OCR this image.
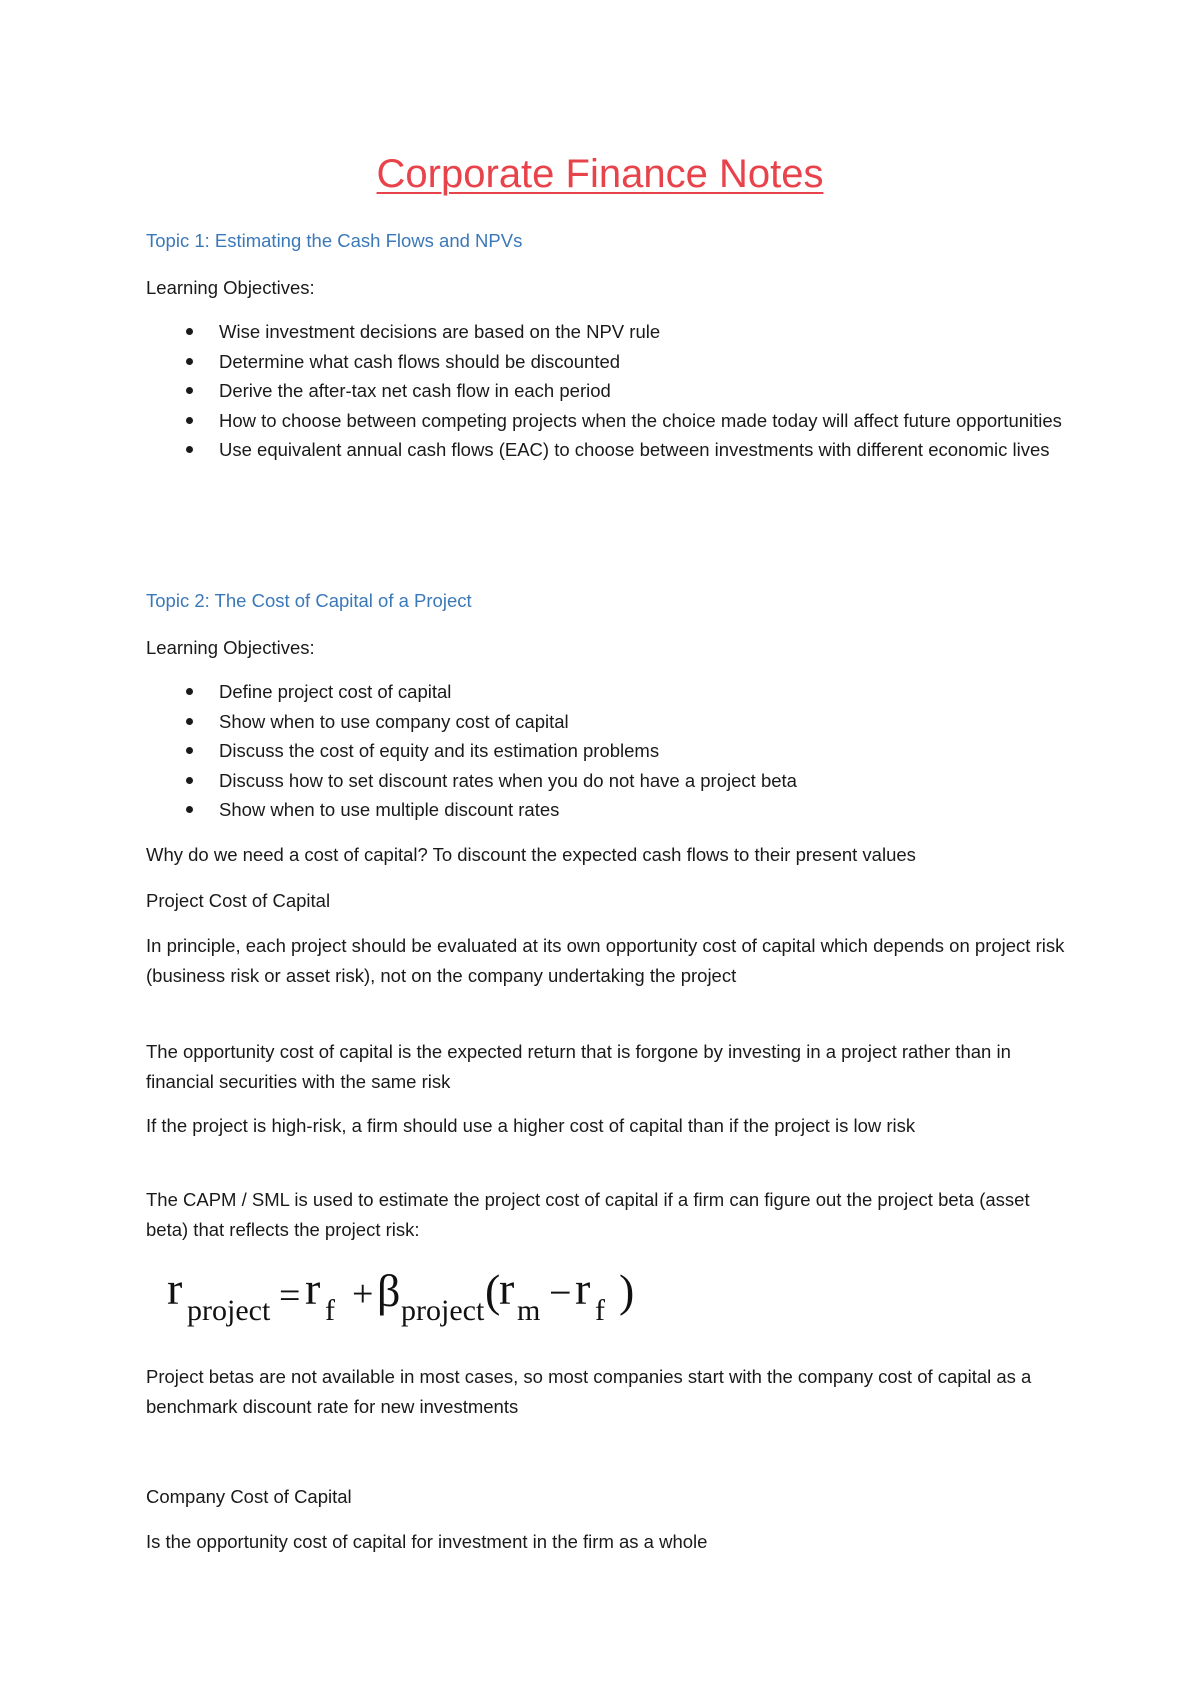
Corporate Finance Notes

Topic 1: Estimating the Cash Flows and NPVs

Learning Objectives:

Wise investment decisions are based on the NPV rule
Determine what cash flows should be discounted
Derive the after-tax net cash flow in each period
How to choose between competing projects when the choice made today will affect future opportunities
Use equivalent annual cash flows (EAC) to choose between investments with different economic lives

Topic 2: The Cost of Capital of a Project

Learning Objectives:

Define project cost of capital
Show when to use company cost of capital
Discuss the cost of equity and its estimation problems
Discuss how to set discount rates when you do not have a project beta
Show when to use multiple discount rates

Why do we need a cost of capital? To discount the expected cash flows to their present values

Project Cost of Capital

In principle, each project should be evaluated at its own opportunity cost of capital which depends on project risk (business risk or asset risk), not on the company undertaking the project

The opportunity cost of capital is the expected return that is forgone by investing in a project rather than in financial securities with the same risk

If the project is high-risk, a firm should use a higher cost of capital than if the project is low risk

The CAPM / SML is used to estimate the project cost of capital if a firm can figure out the project beta (asset beta) that reflects the project risk:

r project = r f + β project (
r m − r f )

Project betas are not available in most cases, so most companies start with the company cost of capital as a benchmark discount rate for new investments

Company Cost of Capital

Is the opportunity cost of capital for investment in the firm as a whole
